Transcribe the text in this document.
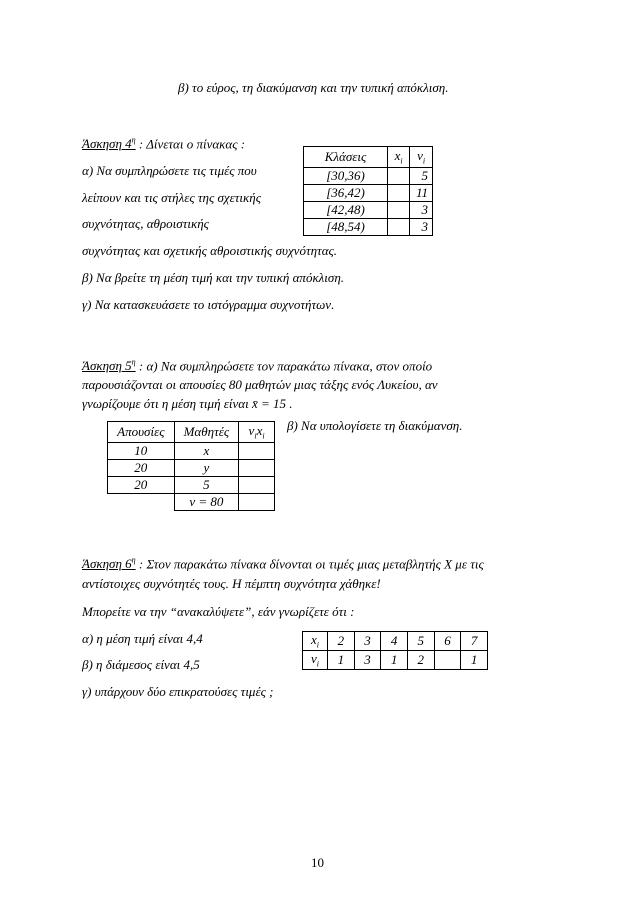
β) το εύρος, τη διακύμανση και την τυπική απόκλιση.
Άσκηση $4^\eta$ : Δίνεται ο πίνακας :
α) Να συμπληρώσετε τις τιμές που
λείπουν και τις στήλες της σχετικής
συχνότητας, αθροιστικής
συχνότητας και σχετικής αθροιστικής συχνότητας.
β) Να βρείτε τη μέση τιμή και την τυπική απόκλιση.
γ) Να κατασκευάσετε το ιστόγραμμα συχνοτήτων.
Κλάσεις	$x_i$	$\nu_i$
[30,36)		5
[36,42)		11
[42,48)		3
[48,54)		3
Άσκηση $5^\eta$ : α) Να συμπληρώσετε τον παρακάτω πίνακα, στον οποίο
παρουσιάζονται οι απουσίες 80 μαθητών μιας τάξης ενός Λυκείου, αν
γνωρίζουμε ότι η μέση τιμή είναι x̄ = 15 .
β) Να υπολογίσετε τη διακύμανση.
Απουσίες	Μαθητές	$\nu_ix_i$
10	x	
20	y	
20	5	
	ν = 80	
Άσκηση $6^\eta$ : Στον παρακάτω πίνακα δίνονται οι τιμές μιας μεταβλητής X με τις
αντίστοιχες συχνότητές τους. Η πέμπτη συχνότητα χάθηκε!
Μπορείτε να την “ανακαλύψετε”, εάν γνωρίζετε ότι :
α) η μέση τιμή είναι 4,4
β) η διάμεσος είναι 4,5
γ) υπάρχουν δύο επικρατούσες τιμές ;
$x_i$	2	3	4	5	6	7
$\nu_i$	1	3	1	2		1
10
